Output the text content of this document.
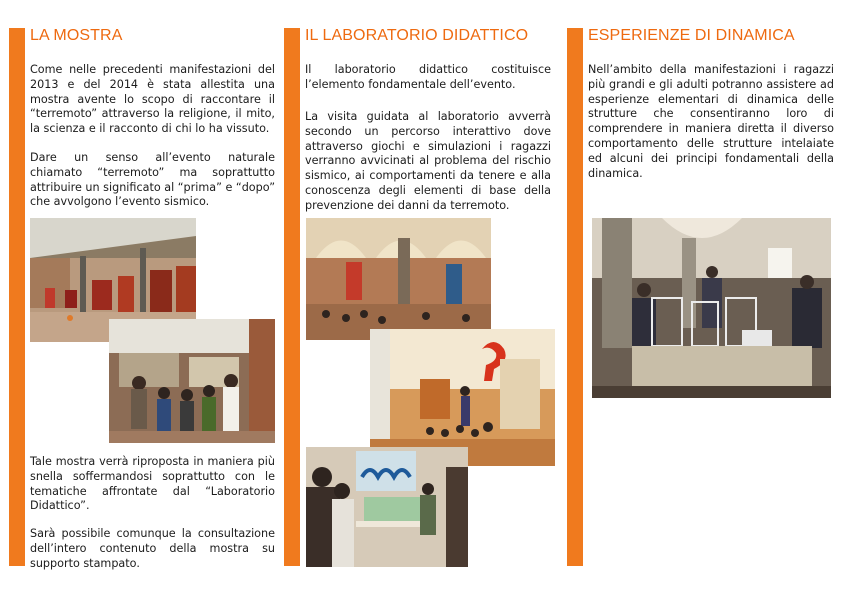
LA MOSTRA

Come nelle precedenti manifestazioni del 2013 e del 2014 è stata allestita una mostra avente lo scopo di raccontare il “terremoto” attraverso la religione, il mito, la scienza e il racconto di chi lo ha vissuto.

Dare un senso all’evento naturale chiamato “terremoto” ma soprattutto attribuire un significato al “prima” e “dopo” che avvolgono l’evento sismico.

Tale mostra verrà riproposta in maniera più snella soffermandosi soprattutto con le tematiche affrontate dal “Laboratorio Didattico”.

Sarà possibile comunque la consultazione dell’intero contenuto della mostra su supporto stampato.

IL LABORATORIO DIDATTICO

Il laboratorio didattico costituisce l’elemento fondamentale dell’evento.

La visita guidata al laboratorio avverrà secondo un percorso interattivo dove attraverso giochi e simulazioni i ragazzi verranno avvicinati al problema del rischio sismico, ai comportamenti da tenere e alla conoscenza degli elementi di base della prevenzione dei danni da terremoto.

ESPERIENZE DI DINAMICA

Nell’ambito della manifestazioni i ragazzi più grandi e gli adulti potranno assistere ad esperienze elementari di dinamica delle strutture che consentiranno loro di comprendere in maniera diretta il diverso comportamento delle strutture intelaiate ed alcuni dei principi fondamentali della dinamica.
